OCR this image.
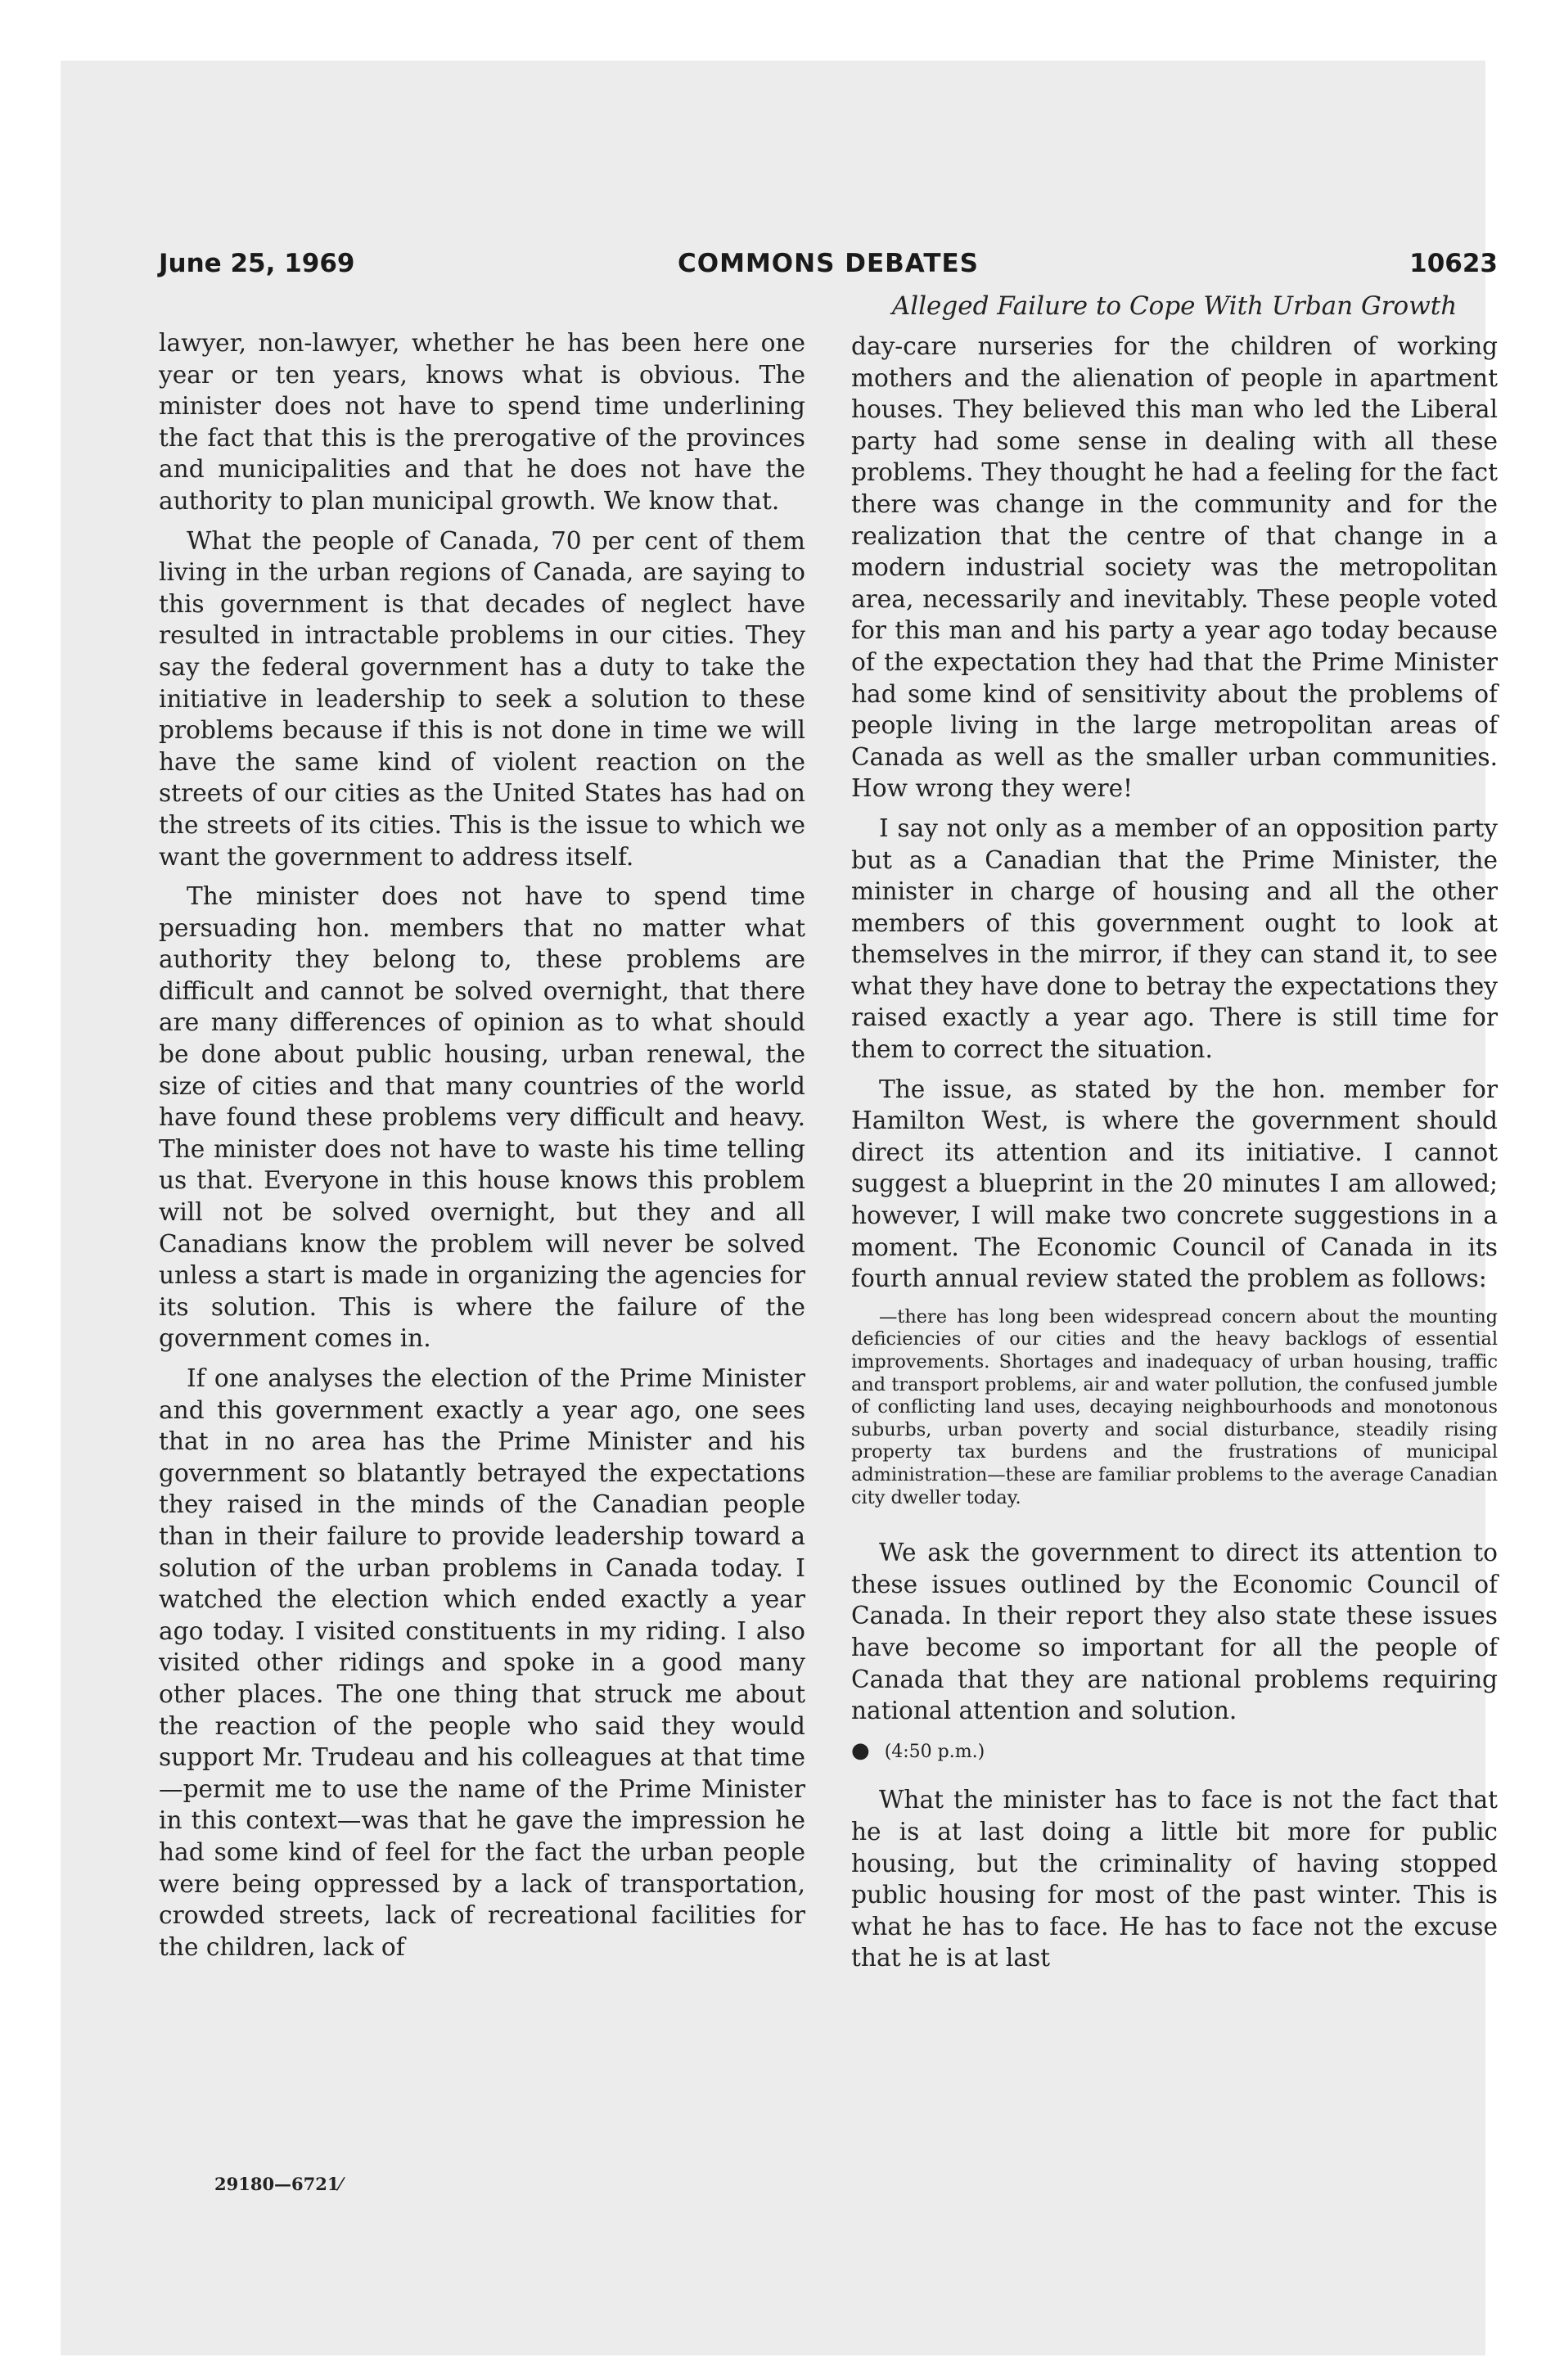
June 25, 1969	COMMONS DEBATES	10623

lawyer, non-lawyer, whether he has been here one year or ten years, knows what is obvious. The minister does not have to spend time underlining the fact that this is the prerogative of the provinces and municipalities and that he does not have the authority to plan municipal growth. We know that.

What the people of Canada, 70 per cent of them living in the urban regions of Canada, are saying to this government is that decades of neglect have resulted in intractable problems in our cities. They say the federal government has a duty to take the initiative in leadership to seek a solution to these problems because if this is not done in time we will have the same kind of violent reaction on the streets of our cities as the United States has had on the streets of its cities. This is the issue to which we want the government to address itself.

The minister does not have to spend time persuading hon. members that no matter what authority they belong to, these problems are difficult and cannot be solved overnight, that there are many differences of opinion as to what should be done about public housing, urban renewal, the size of cities and that many countries of the world have found these problems very difficult and heavy. The minister does not have to waste his time telling us that. Everyone in this house knows this problem will not be solved overnight, but they and all Canadians know the problem will never be solved unless a start is made in organizing the agencies for its solution. This is where the failure of the government comes in.

If one analyses the election of the Prime Minister and this government exactly a year ago, one sees that in no area has the Prime Minister and his government so blatantly betrayed the expectations they raised in the minds of the Canadian people than in their failure to provide leadership toward a solution of the urban problems in Canada today. I watched the election which ended exactly a year ago today. I visited constituents in my riding. I also visited other ridings and spoke in a good many other places. The one thing that struck me about the reaction of the people who said they would support Mr. Trudeau and his colleagues at that time—permit me to use the name of the Prime Minister in this context—was that he gave the impression he had some kind of feel for the fact the urban people were being oppressed by a lack of transportation, crowded streets, lack of recreational facilities for the children, lack of

Alleged Failure to Cope With Urban Growth

day-care nurseries for the children of working mothers and the alienation of people in apartment houses. They believed this man who led the Liberal party had some sense in dealing with all these problems. They thought he had a feeling for the fact there was change in the community and for the realization that the centre of that change in a modern industrial society was the metropolitan area, necessarily and inevitably. These people voted for this man and his party a year ago today because of the expectation they had that the Prime Minister had some kind of sensitivity about the problems of people living in the large metropolitan areas of Canada as well as the smaller urban communities. How wrong they were!

I say not only as a member of an opposition party but as a Canadian that the Prime Minister, the minister in charge of housing and all the other members of this government ought to look at themselves in the mirror, if they can stand it, to see what they have done to betray the expectations they raised exactly a year ago. There is still time for them to correct the situation.

The issue, as stated by the hon. member for Hamilton West, is where the government should direct its attention and its initiative. I cannot suggest a blueprint in the 20 minutes I am allowed; however, I will make two concrete suggestions in a moment. The Economic Council of Canada in its fourth annual review stated the problem as follows:

—there has long been widespread concern about the mounting deficiencies of our cities and the heavy backlogs of essential improvements. Shortages and inadequacy of urban housing, traffic and transport problems, air and water pollution, the confused jumble of conflicting land uses, decaying neighbourhoods and monotonous suburbs, urban poverty and social disturbance, steadily rising property tax burdens and the frustrations of municipal administration—these are familiar problems to the average Canadian city dweller today.

We ask the government to direct its attention to these issues outlined by the Economic Council of Canada. In their report they also state these issues have become so important for all the people of Canada that they are national problems requiring national attention and solution.

● (4:50 p.m.)

What the minister has to face is not the fact that he is at last doing a little bit more for public housing, but the criminality of having stopped public housing for most of the past winter. This is what he has to face. He has to face not the excuse that he is at last

29180—6721⁄
